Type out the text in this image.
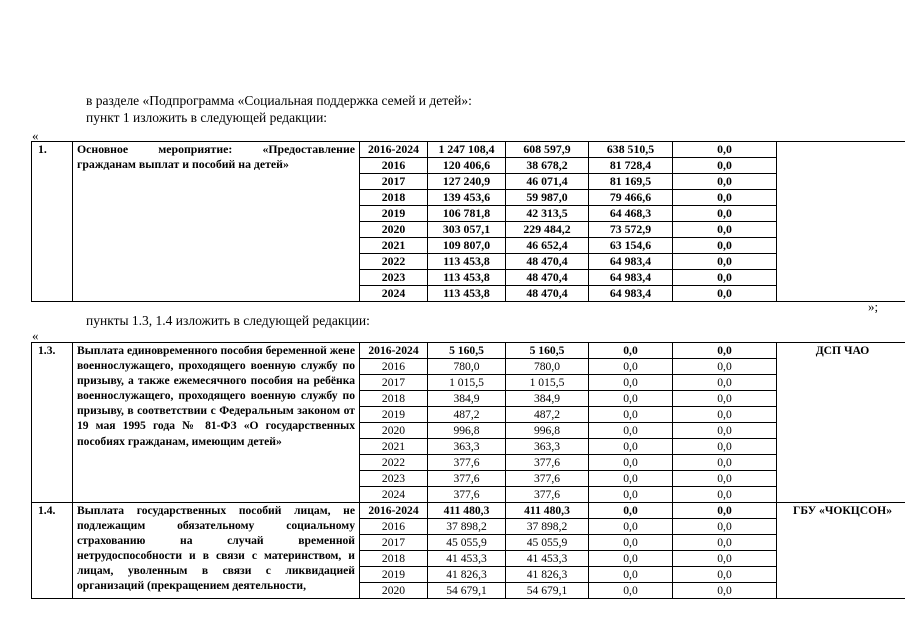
в разделе «Подпрограмма «Социальная поддержка семей и детей»:
пункт 1 изложить в следующей редакции:
«
1.	Основное мероприятие: «Предоставление гражданам выплат и пособий на детей»	2016-2024	1 247 108,4	608 597,9	638 510,5	0,0	
		2016	120 406,6	38 678,2	81 728,4	0,0	
		2017	127 240,9	46 071,4	81 169,5	0,0	
		2018	139 453,6	59 987,0	79 466,6	0,0	
		2019	106 781,8	42 313,5	64 468,3	0,0	
		2020	303 057,1	229 484,2	73 572,9	0,0	
		2021	109 807,0	46 652,4	63 154,6	0,0	
		2022	113 453,8	48 470,4	64 983,4	0,0	
		2023	113 453,8	48 470,4	64 983,4	0,0	
		2024	113 453,8	48 470,4	64 983,4	0,0	
»;
пункты 1.3, 1.4 изложить в следующей редакции:
«
1.3.	Выплата единовременного пособия беременной жене военнослужащего, проходящего военную службу по призыву, а также ежемесячного пособия на ребёнка военнослужащего, проходящего военную службу по призыву, в соответствии с Федеральным законом от 19 мая 1995 года № 81-ФЗ «О государственных пособиях гражданам, имеющим детей»	2016-2024	5 160,5	5 160,5	0,0	0,0	ДСП ЧАО
		2016	780,0	780,0	0,0	0,0	
		2017	1 015,5	1 015,5	0,0	0,0	
		2018	384,9	384,9	0,0	0,0	
		2019	487,2	487,2	0,0	0,0	
		2020	996,8	996,8	0,0	0,0	
		2021	363,3	363,3	0,0	0,0	
		2022	377,6	377,6	0,0	0,0	
		2023	377,6	377,6	0,0	0,0	
		2024	377,6	377,6	0,0	0,0	
1.4.	Выплата государственных пособий лицам, не подлежащим обязательному социальному страхованию на случай временной нетрудоспособности и в связи с материнством, и лицам, уволенным в связи с ликвидацией организаций (прекращением деятельности,	2016-2024	411 480,3	411 480,3	0,0	0,0	ГБУ «ЧОКЦСОН»
		2016	37 898,2	37 898,2	0,0	0,0	
		2017	45 055,9	45 055,9	0,0	0,0	
		2018	41 453,3	41 453,3	0,0	0,0	
		2019	41 826,3	41 826,3	0,0	0,0	
		2020	54 679,1	54 679,1	0,0	0,0	
